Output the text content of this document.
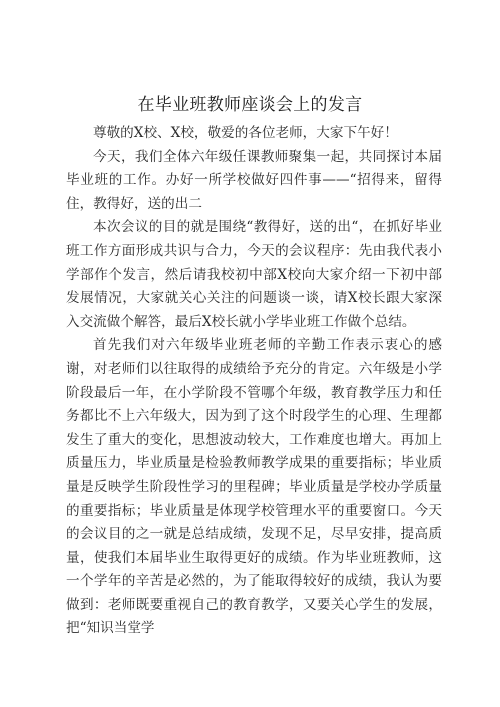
在毕业班教师座谈会上的发言

尊敬的X校、X校，敬爱的各位老师，大家下午好！

今天，我们全体六年级任课教师聚集一起，共同探讨本届毕业班的工作。办好一所学校做好四件事——“招得来，留得住，教得好，送的出二

本次会议的目的就是围绕“教得好，送的出“，在抓好毕业班工作方面形成共识与合力，今天的会议程序：先由我代表小学部作个发言，然后请我校初中部X校向大家介绍一下初中部发展情况，大家就关心关注的问题谈一谈，请X校长跟大家深入交流做个解答，最后X校长就小学毕业班工作做个总结。

首先我们对六年级毕业班老师的辛勤工作表示衷心的感谢，对老师们以往取得的成绩给予充分的肯定。六年级是小学阶段最后一年，在小学阶段不管哪个年级，教育教学压力和任务都比不上六年级大，因为到了这个时段学生的心理、生理都发生了重大的变化，思想波动较大，工作难度也增大。再加上质量压力，毕业质量是检验教师教学成果的重要指标；毕业质量是反映学生阶段性学习的里程碑；毕业质量是学校办学质量的重要指标；毕业质量是体现学校管理水平的重要窗口。今天的会议目的之一就是总结成绩，发现不足，尽早安排，提高质量，使我们本届毕业生取得更好的成绩。作为毕业班教师，这一个学年的辛苦是必然的，为了能取得较好的成绩，我认为要做到：老师既要重视自己的教育教学，又要关心学生的发展，把“知识当堂学
